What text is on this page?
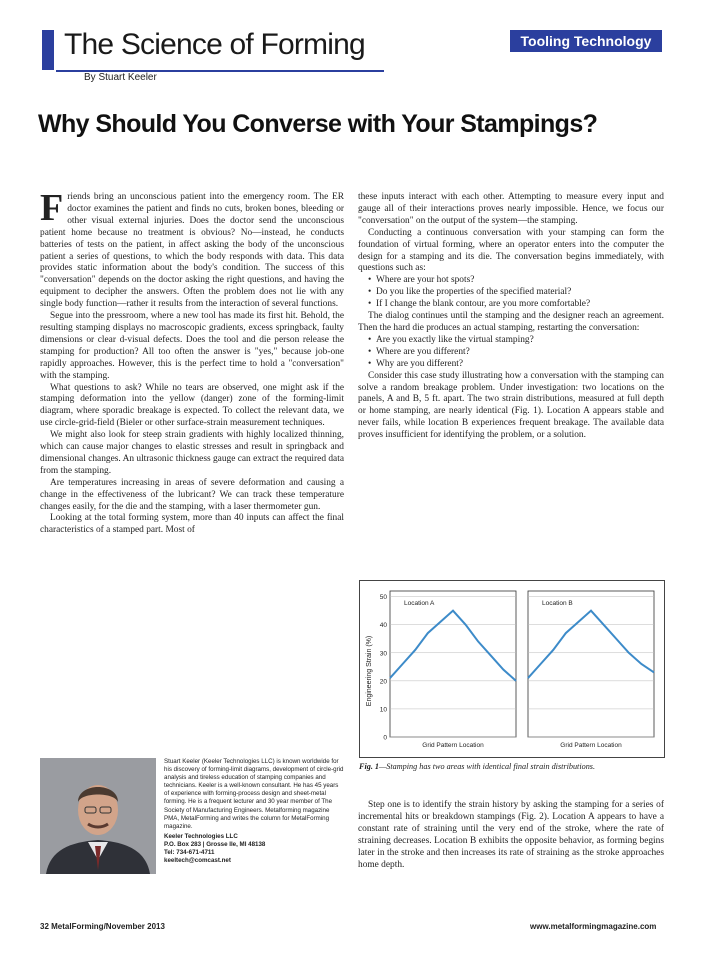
The Science of Forming	Tooling Technology
By Stuart Keeler
Why Should You Converse with Your Stampings?

Friends bring an unconscious patient into the emergency room. The ER doctor examines the patient and finds no cuts, broken bones, bleeding or other visual external injuries. Does the doctor send the unconscious patient home because no treatment is obvious? No—instead, he conducts batteries of tests on the patient, in affect asking the body of the unconscious patient a series of questions, to which the body responds with data. This data provides static information about the body's condition. The success of this "conversation" depends on the doctor asking the right questions, and having the equipment to decipher the answers. Often the problem does not lie with any single body function—rather it results from the interaction of several functions.

Segue into the pressroom, where a new tool has made its first hit. Behold, the resulting stamping displays no macroscopic gradients, excess springback, faulty dimensions or clear d-visual defects. Does the tool and die person release the stamping for production? All too often the answer is "yes," because job-one rapidly approaches. However, this is the perfect time to hold a "conversation" with the stamping.

What questions to ask? While no tears are observed, one might ask if the stamping deformation into the yellow (danger) zone of the forming-limit diagram, where sporadic breakage is expected. To collect the relevant data, we use circle-grid-field (Bieler or other surface-strain measurement techniques.

We might also look for steep strain gradients with highly localized thinning, which can cause major changes to elastic stresses and result in springback and dimensional changes. An ultrasonic thickness gauge can extract the required data from the stamping.

Are temperatures increasing in areas of severe deformation and causing a change in the effectiveness of the lubricant? We can track these temperature changes easily, for the die and the stamping, with a laser thermometer gun.

Looking at the total forming system, more than 40 inputs can affect the final characteristics of a stamped part. Most of

these inputs interact with each other. Attempting to measure every input and gauge all of their interactions proves nearly impossible. Hence, we focus our "conversation" on the output of the system—the stamping.

Conducting a continuous conversation with your stamping can form the foundation of virtual forming, where an operator enters into the computer the design for a stamping and its die. The conversation begins immediately, with questions such as:

• Where are your hot spots?
• Do you like the properties of the specified material?
• If I change the blank contour, are you more comfortable?

The dialog continues until the stamping and the designer reach an agreement. Then the hard die produces an actual stamping, restarting the conversation:

• Are you exactly like the virtual stamping?
• Where are you different?
• Why are you different?

Consider this case study illustrating how a conversation with the stamping can solve a random breakage problem. Under investigation: two locations on the panels, A and B, 5 ft. apart. The two strain distributions, measured at full depth or home stamping, are nearly identical (Fig. 1). Location A appears stable and never fails, while location B experiences frequent breakage. The available data proves insufficient for identifying the problem, or a solution.

Engineering Strain (%)
0
10
20
30
40
50
Location A
Grid Pattern Location
Location B
Grid Pattern Location
Fig. 1—Stamping has two areas with identical final strain distributions.

Step one is to identify the strain history by asking the stamping for a series of incremental hits or breakdown stampings (Fig. 2). Location A appears to have a constant rate of straining until the very end of the stroke, where the rate of straining decreases. Location B exhibits the opposite behavior, as forming begins later in the stroke and then increases its rate of straining as the stroke approaches home depth.

Stuart Keeler (Keeler Technologies LLC) is known worldwide for his discovery of forming-limit diagrams, development of circle-grid analysis and tireless education of stamping companies and technicians. Keeler is a well-known consultant. He has 45 years of experience with forming-process design and sheet-metal forming. He is a frequent lecturer and 30 year member of The Society of Manufacturing Engineers. Metalforming magazine PMA, MetalForming and writes the column for MetalForming magazine.

Keeler Technologies LLC
P.O. Box 283 | Grosse Ile, MI 48138
Tel: 734-671-4711
keeltech@comcast.net
32 MetalForming/November 2013	www.metalformingmagazine.com
